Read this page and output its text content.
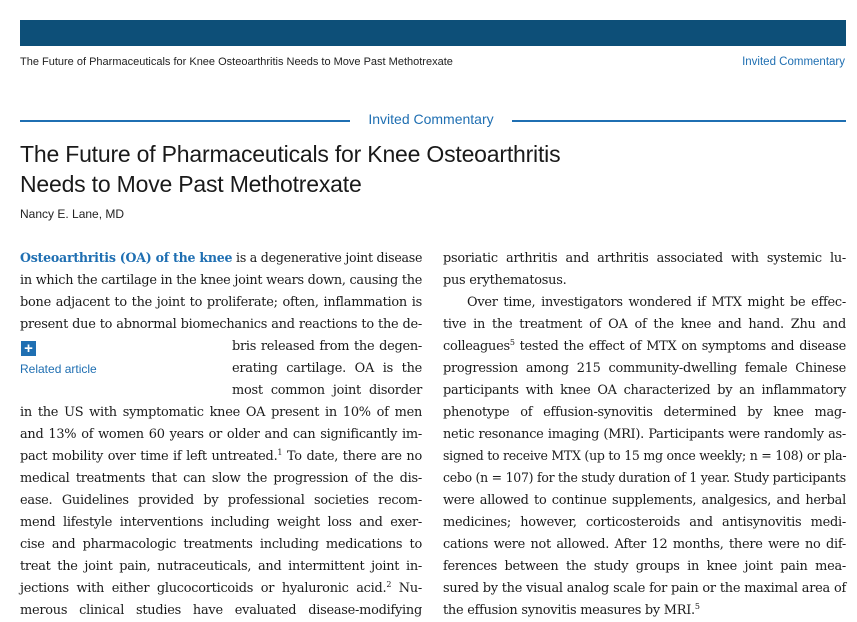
The Future of Pharmaceuticals for Knee Osteoarthritis Needs to Move Past Methotrexate	Invited Commentary
Invited Commentary
The Future of Pharmaceuticals for Knee Osteoarthritis
Needs to Move Past Methotrexate
Nancy E. Lane, MD
Osteoarthritis (OA) of the knee is a degenerative joint disease
in which the cartilage in the knee joint wears down, causing the
bone adjacent to the joint to proliferate; often, inflammation is
present due to abnormal biomechanics and reactions to the de-
+
Related article
bris released from the degen-
erating cartilage. OA is the
most common joint disorder
in the US with symptomatic knee OA present in 10% of men
and 13% of women 60 years or older and can significantly im-
pact mobility over time if left untreated.$^1$ To date, there are no
medical treatments that can slow the progression of the dis-
ease. Guidelines provided by professional societies recom-
mend lifestyle interventions including weight loss and exer-
cise and pharmacologic treatments including medications to
treat the joint pain, nutraceuticals, and intermittent joint in-
jections with either glucocorticoids or hyaluronic acid.$^2$ Nu-
merous clinical studies have evaluated disease-modifying
psoriatic arthritis and arthritis associated with systemic lu-
pus erythematosus.
Over time, investigators wondered if MTX might be effec-
tive in the treatment of OA of the knee and hand. Zhu and
colleagues$^5$ tested the effect of MTX on symptoms and disease
progression among 215 community-dwelling female Chinese
participants with knee OA characterized by an inflammatory
phenotype of effusion-synovitis determined by knee mag-
netic resonance imaging (MRI). Participants were randomly as-
signed to receive MTX (up to 15 mg once weekly; n = 108) or pla-
cebo (n = 107) for the study duration of 1 year. Study participants
were allowed to continue supplements, analgesics, and herbal
medicines; however, corticosteroids and antisynovitis medi-
cations were not allowed. After 12 months, there were no dif-
ferences between the study groups in knee joint pain mea-
sured by the visual analog scale for pain or the maximal area of
the effusion synovitis measures by MRI.$^5$
